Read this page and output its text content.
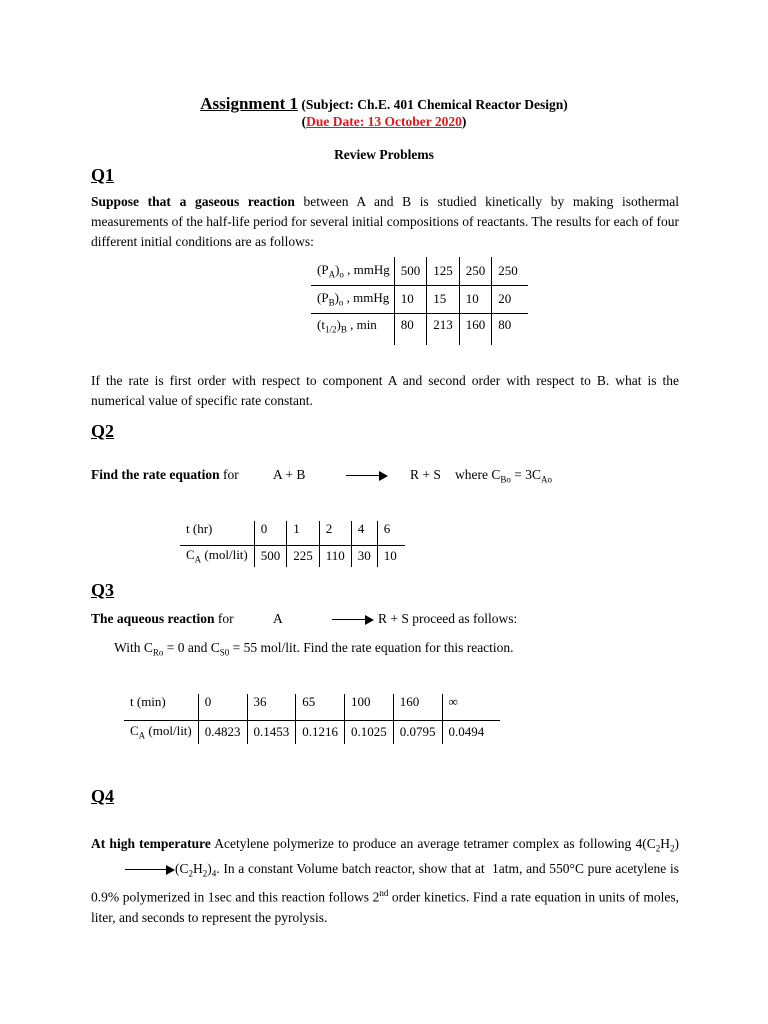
Assignment 1 (Subject: Ch.E. 401 Chemical Reactor Design)
(Due Date: 13 October 2020)
Review Problems
Q1
Suppose that a gaseous reaction between A and B is studied kinetically by making isothermal measurements of the half-life period for several initial compositions of reactants. The results for each of four different initial conditions are as follows:
$(P_A)_o$ , mmHg	500	125	250	250
$(P_B)_o$ , mmHg	10	15	10	20
$(t_{1/2})_B$ , min	80	213	160	80
If the rate is first order with respect to component A and second order with respect to B. what is the numerical value of specific rate constant.
Q2
Find the rate equation for	A + B	R + S where $C_{Bo} = 3C_{Ao}$
t (hr)	0	1	2	4	6
$C_A$ (mol/lit)	500	225	110	30	10
Q3
The aqueous reaction for	A	R + S proceed as follows:
With $C_{Ro} = 0$ and $C_{S0} = 55$ mol/lit. Find the rate equation for this reaction.
t (min)	0	36	65	100	160	∞
$C_A$ (mol/lit)	0.4823	0.1453	0.1216	0.1025	0.0795	0.0494
Q4
At high temperature Acetylene polymerize to produce an average tetramer complex as following $4(C_2H_2)$ $(C_2H_2)_4$. In a constant Volume batch reactor, show that at  1atm, and 550°C pure acetylene is 0.9% polymerized in 1sec and this reaction follows 2nd order kinetics. Find a rate equation in units of moles, liter, and seconds to represent the pyrolysis.
